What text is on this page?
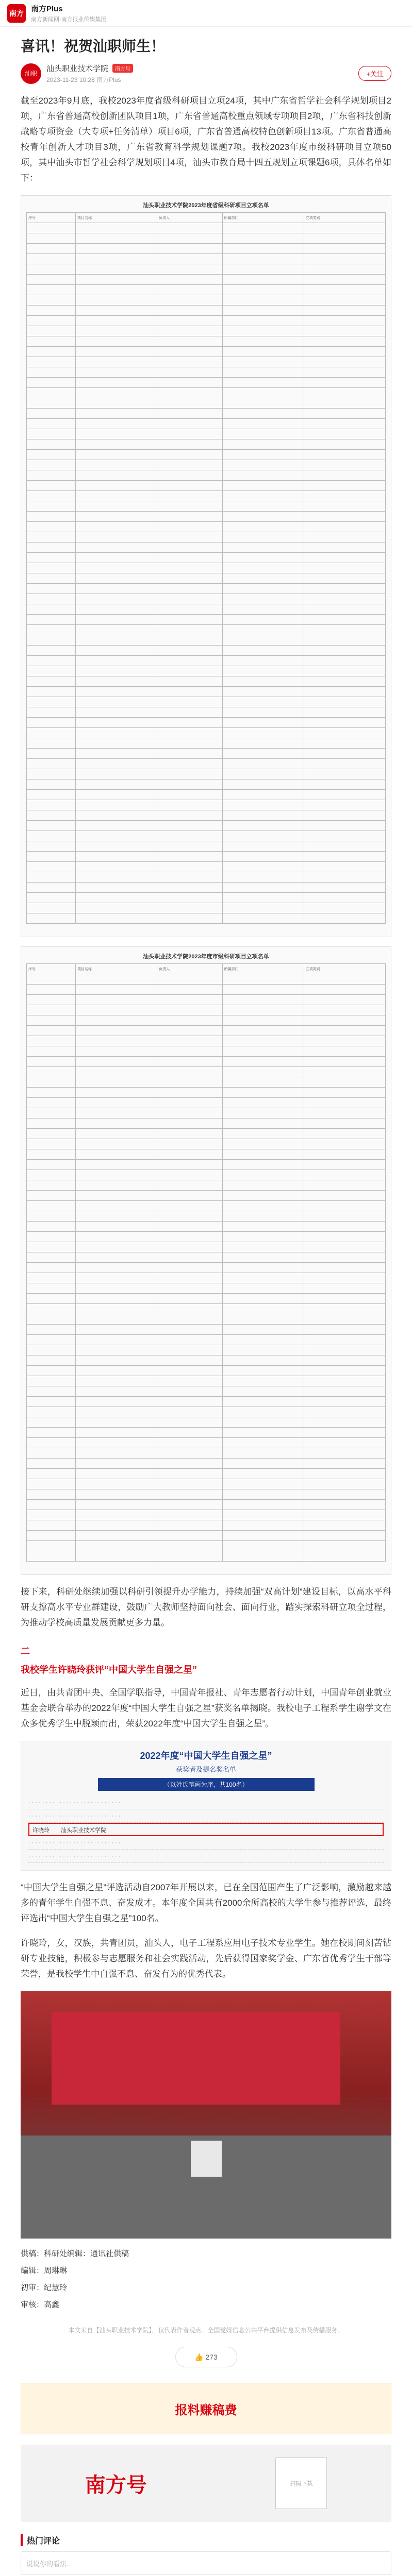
南方 南方Plus
南方新闻网·南方报业传媒集团
喜讯！祝贺汕职师生！
汕职
汕头职业技术学院	南方号
2023-11-23 10:28 南方Plus
+关注

截至2023年9月底，我校2023年度省级科研项目立项24项，其中广东省哲学社会科学规划项目2项，广东省普通高校创新团队项目1项，广东省普通高校重点领域专项项目2项，广东省科技创新战略专项资金（大专项+任务清单）项目6项，广东省普通高校特色创新项目13项。广东省普通高校青年创新人才项目3项，广东省教育科学规划课题7项。我校2023年度市级科研项目立项50项，其中汕头市哲学社会科学规划项目4项，汕头市教育局十四五规划立项课题6项，具体名单如下：

汕头职业技术学院2023年度省级科研项目立项名单
序号	项目名称	负责人	所属部门	立项类别

汕头职业技术学院2023年度市级科研项目立项名单
序号	项目名称	负责人	所属部门	立项类别

接下来，科研处继续加强以科研引领提升办学能力，持续加强“双高计划”建设目标，以高水平科研支撑高水平专业群建设，鼓励广大教师坚持面向社会、面向行业，踏实探索科研立项全过程，为推动学校高质量发展贡献更多力量。

二
我校学生许晓玲获评“中国大学生自强之星”

近日，由共青团中央、全国学联指导，中国青年报社、青年志愿者行动计划，中国青年创业就业基金会联合举办的2022年度“中国大学生自强之星”获奖名单揭晓。我校电子工程系学生谢学文在众多优秀学生中脱颖而出，荣获2022年度“中国大学生自强之星”。

2022年度“中国大学生自强之星”
获奖者及提名奖名单
（以姓氏笔画为序，共100名）
· · · · · · · · · · · · · · · · · · · · · · · · · · ·
· · · · · · · · · · · · · · · · · · · · · · · · · · ·
许晓玲　　汕头职业技术学院
· · · · · · · · · · · · · · · · · · · · · · · · · · ·
· · · · · · · · · · · · · · · · · · · · · · · · · · ·

“中国大学生自强之星”评选活动自2007年开展以来，已在全国范围产生了广泛影响，激励越来越多的青年学生自强不息、奋发成才。本年度全国共有2000余所高校的大学生参与推荐评选，最终评选出“中国大学生自强之星”100名。

许晓玲，女，汉族，共青团员，汕头人，电子工程系应用电子技术专业学生。她在校期间刻苦钻研专业技能，积极参与志愿服务和社会实践活动，先后获得国家奖学金、广东省优秀学生干部等荣誉，是我校学生中自强不息、奋发有为的优秀代表。

供稿：科研处编辑：通讯社供稿
编辑：周琳琳
初审：纪慧玲
审核：高鑫
本文来自【汕头职业技术学院】，仅代表作者观点。全国党媒信息公共平台提供信息发布及传播服务。
👍 273
报料赚稿费
南方号	扫码下载
热门评论
说说你的看法…
